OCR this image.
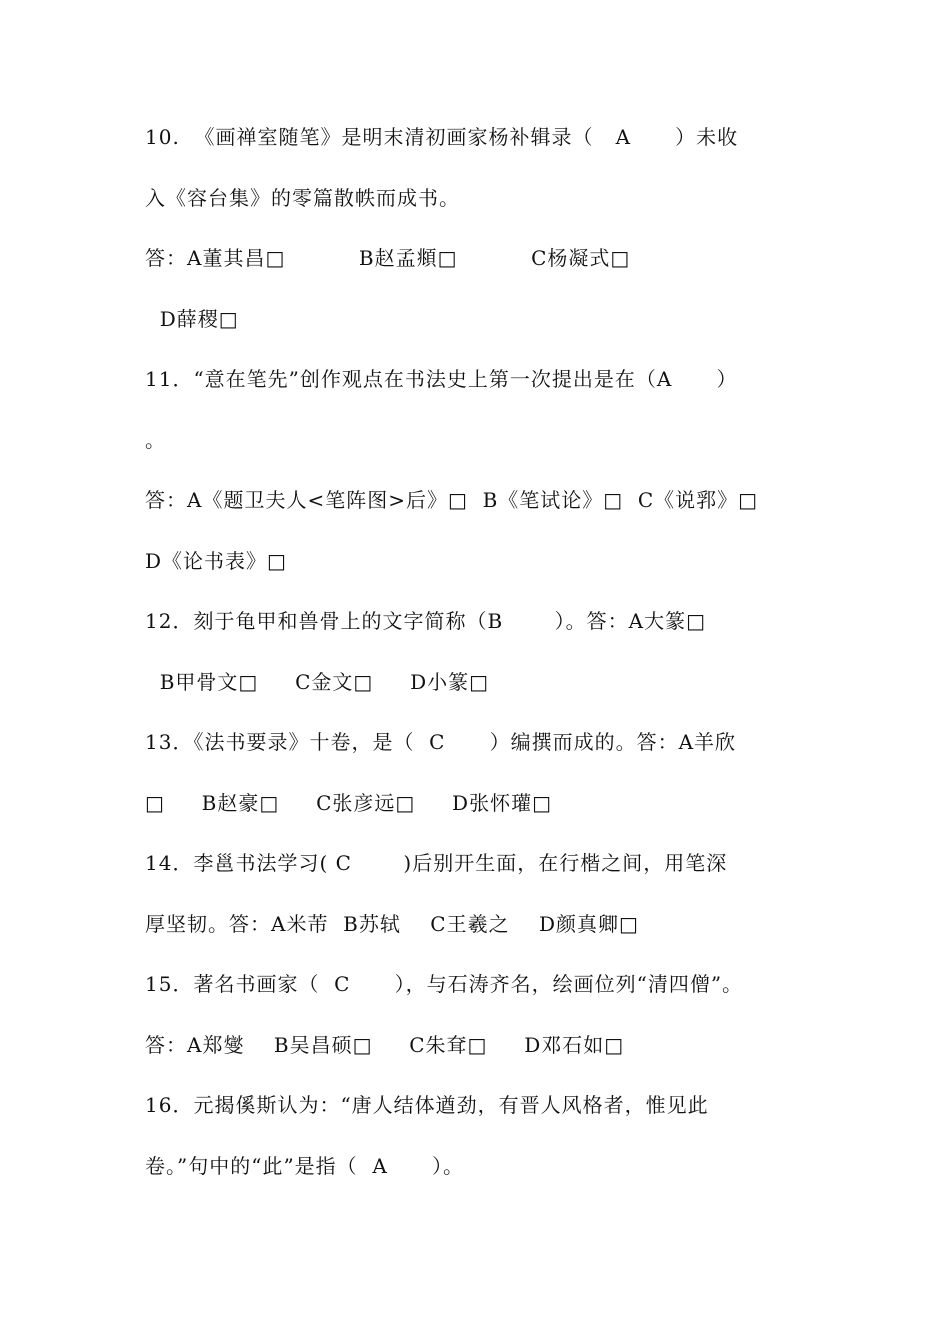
10.  《画禅室随笔》是明末清初画家杨补辑录（   A      ）未收
入《容台集》的零篇散帙而成书。
答：A董其昌□          B赵孟頫□          C杨凝式□
D薛稷□
11．“意在笔先”创作观点在书法史上第一次提出是在（A      ）
。
答：A《题卫夫人<笔阵图>后》□  B《笔试论》□  C《说郛》□
D《论书表》□
12．刻于龟甲和兽骨上的文字简称（B       ）。答：A大篆□
B甲骨文□     C金文□     D小篆□
13．《法书要录》十卷，是（  C      ）编撰而成的。答：A羊欣
□     B赵豪□     C张彦远□     D张怀瓘□
14．李邕书法学习( C       )后别开生面，在行楷之间，用笔深
厚坚韧。答：A米芾  B苏轼    C王羲之    D颜真卿□
15．著名书画家（  C      ），与石涛齐名，绘画位列“清四僧”。
答：A郑燮    B吴昌硕□     C朱耷□     D邓石如□
16．元揭傒斯认为：“唐人结体遒劲，有晋人风格者，惟见此
卷。”句中的“此”是指（  A      ）。
